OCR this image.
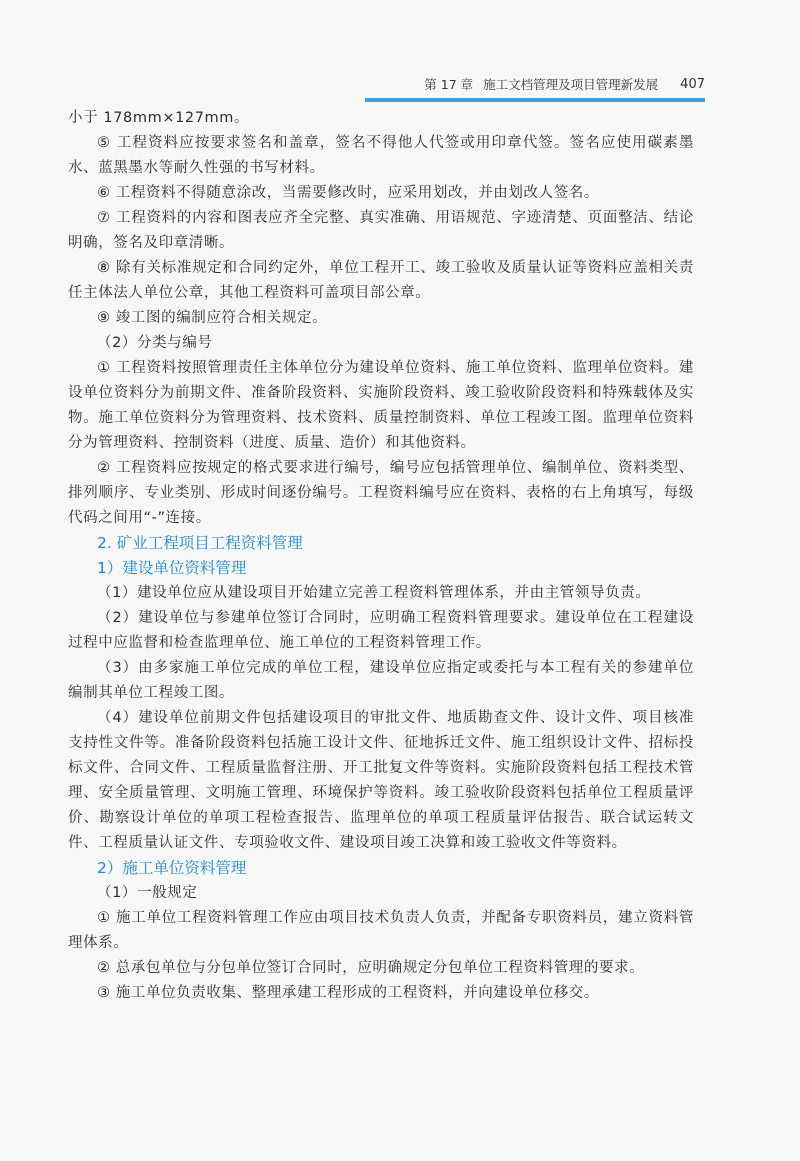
第 17 章 施工文档管理及项目管理新发展 407

小于 178mm×127mm。

⑤ 工程资料应按要求签名和盖章，签名不得他人代签或用印章代签。签名应使用碳素墨水、蓝黑墨水等耐久性强的书写材料。

⑥ 工程资料不得随意涂改，当需要修改时，应采用划改，并由划改人签名。

⑦ 工程资料的内容和图表应齐全完整、真实准确、用语规范、字迹清楚、页面整洁、结论明确，签名及印章清晰。

⑧ 除有关标准规定和合同约定外，单位工程开工、竣工验收及质量认证等资料应盖相关责任主体法人单位公章，其他工程资料可盖项目部公章。

⑨ 竣工图的编制应符合相关规定。

（2）分类与编号

① 工程资料按照管理责任主体单位分为建设单位资料、施工单位资料、监理单位资料。建设单位资料分为前期文件、准备阶段资料、实施阶段资料、竣工验收阶段资料和特殊载体及实物。施工单位资料分为管理资料、技术资料、质量控制资料、单位工程竣工图。监理单位资料分为管理资料、控制资料（进度、质量、造价）和其他资料。

② 工程资料应按规定的格式要求进行编号，编号应包括管理单位、编制单位、资料类型、排列顺序、专业类别、形成时间逐份编号。工程资料编号应在资料、表格的右上角填写，每级代码之间用“-”连接。

2. 矿业工程项目工程资料管理
1）建设单位资料管理

（1）建设单位应从建设项目开始建立完善工程资料管理体系，并由主管领导负责。

（2）建设单位与参建单位签订合同时，应明确工程资料管理要求。建设单位在工程建设过程中应监督和检查监理单位、施工单位的工程资料管理工作。

（3）由多家施工单位完成的单位工程，建设单位应指定或委托与本工程有关的参建单位编制其单位工程竣工图。

（4）建设单位前期文件包括建设项目的审批文件、地质勘查文件、设计文件、项目核准支持性文件等。准备阶段资料包括施工设计文件、征地拆迁文件、施工组织设计文件、招标投标文件、合同文件、工程质量监督注册、开工批复文件等资料。实施阶段资料包括工程技术管理、安全质量管理、文明施工管理、环境保护等资料。竣工验收阶段资料包括单位工程质量评价、勘察设计单位的单项工程检查报告、监理单位的单项工程质量评估报告、联合试运转文件、工程质量认证文件、专项验收文件、建设项目竣工决算和竣工验收文件等资料。

2）施工单位资料管理

（1）一般规定

① 施工单位工程资料管理工作应由项目技术负责人负责，并配备专职资料员，建立资料管理体系。

② 总承包单位与分包单位签订合同时，应明确规定分包单位工程资料管理的要求。

③ 施工单位负责收集、整理承建工程形成的工程资料，并向建设单位移交。
